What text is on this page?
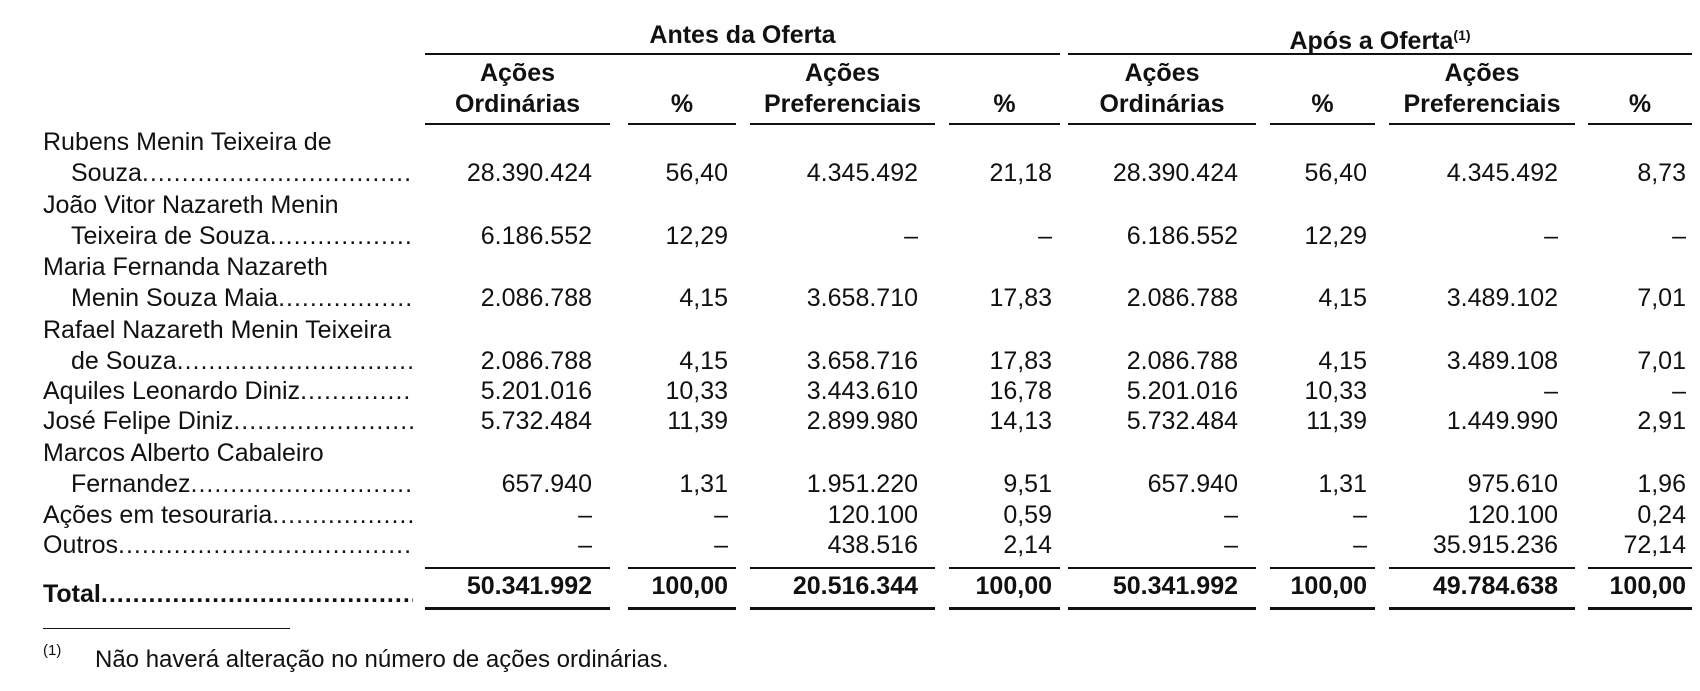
Antes da Oferta	Após a Oferta$^{(1)}$
Ações	Ações	Ações	Ações
Ordinárias	%	Preferenciais	%	Ordinárias	%	Preferenciais	%
Rubens Menin Teixeira de
Souza .....	28.390.424	56,40	4.345.492	21,18	28.390.424	56,40	4.345.492	8,73
João Vitor Nazareth Menin
Teixeira de Souza .....	6.186.552	12,29	–	–	6.186.552	12,29	–	–
Maria Fernanda Nazareth
Menin Souza Maia .....	2.086.788	4,15	3.658.710	17,83	2.086.788	4,15	3.489.102	7,01
Rafael Nazareth Menin Teixeira
de Souza .....	2.086.788	4,15	3.658.716	17,83	2.086.788	4,15	3.489.108	7,01
Aquiles Leonardo Diniz .....	5.201.016	10,33	3.443.610	16,78	5.201.016	10,33	–	–
José Felipe Diniz .....	5.732.484	11,39	2.899.980	14,13	5.732.484	11,39	1.449.990	2,91
Marcos Alberto Cabaleiro
Fernandez .....	657.940	1,31	1.951.220	9,51	657.940	1,31	975.610	1,96
Ações em tesouraria .....	–	–	120.100	0,59	–	–	120.100	0,24
Outros .....	–	–	438.516	2,14	–	–	35.915.236	72,14
Total .....	50.341.992	100,00	20.516.344	100,00	50.341.992	100,00	49.784.638	100,00
(1) Não haverá alteração no número de ações ordinárias.
